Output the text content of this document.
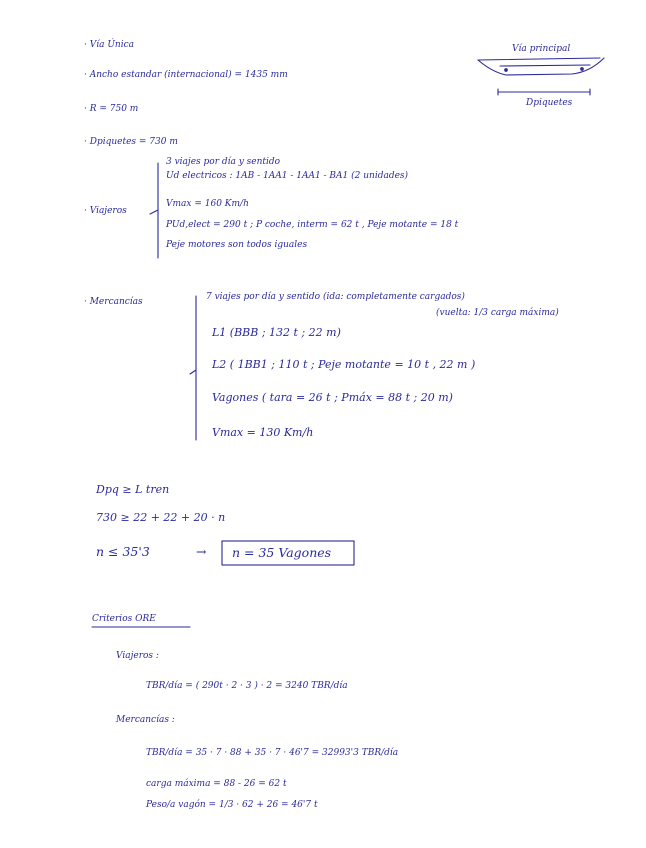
· Vía Única
· Ancho estandar (internacional) = 1435 mm
· R = 750 m
· Dpiquetes = 730 m
Vía principal
Dpiquetes
· Viajeros
3 viajes por día y sentido
Ud electricos : 1AB - 1AA1 - 1AA1 - BA1 (2 unidades)
Vmax = 160 Km/h
PUd,elect = 290 t ; P coche, interm = 62 t , Peje motante = 18 t
Peje motores son todos iguales
· Mercancías	7 viajes por día y sentido (ida: completamente cargados)
(vuelta: 1/3 carga máxima)
L1 (BBB ; 132 t ; 22 m)
L2 ( 1BB1 ; 110 t ; Peje motante = 10 t , 22 m )
Vagones ( tara = 26 t ; Pmáx = 88 t ; 20 m)
Vmax = 130 Km/h
Dpq ≥ L tren
730 ≥ 22 + 22 + 20 · n
n ≤ 35'3	→ n = 35 Vagones
Criterios ORE
Viajeros :
TBR/día = ( 290t · 2 · 3 ) · 2 = 3240 TBR/día
Mercancías :
TBR/día = 35 · 7 · 88 + 35 · 7 · 46'7 = 32993'3 TBR/día
carga máxima = 88 - 26 = 62 t
Peso/a vagón = 1/3 · 62 + 26 = 46'7 t
